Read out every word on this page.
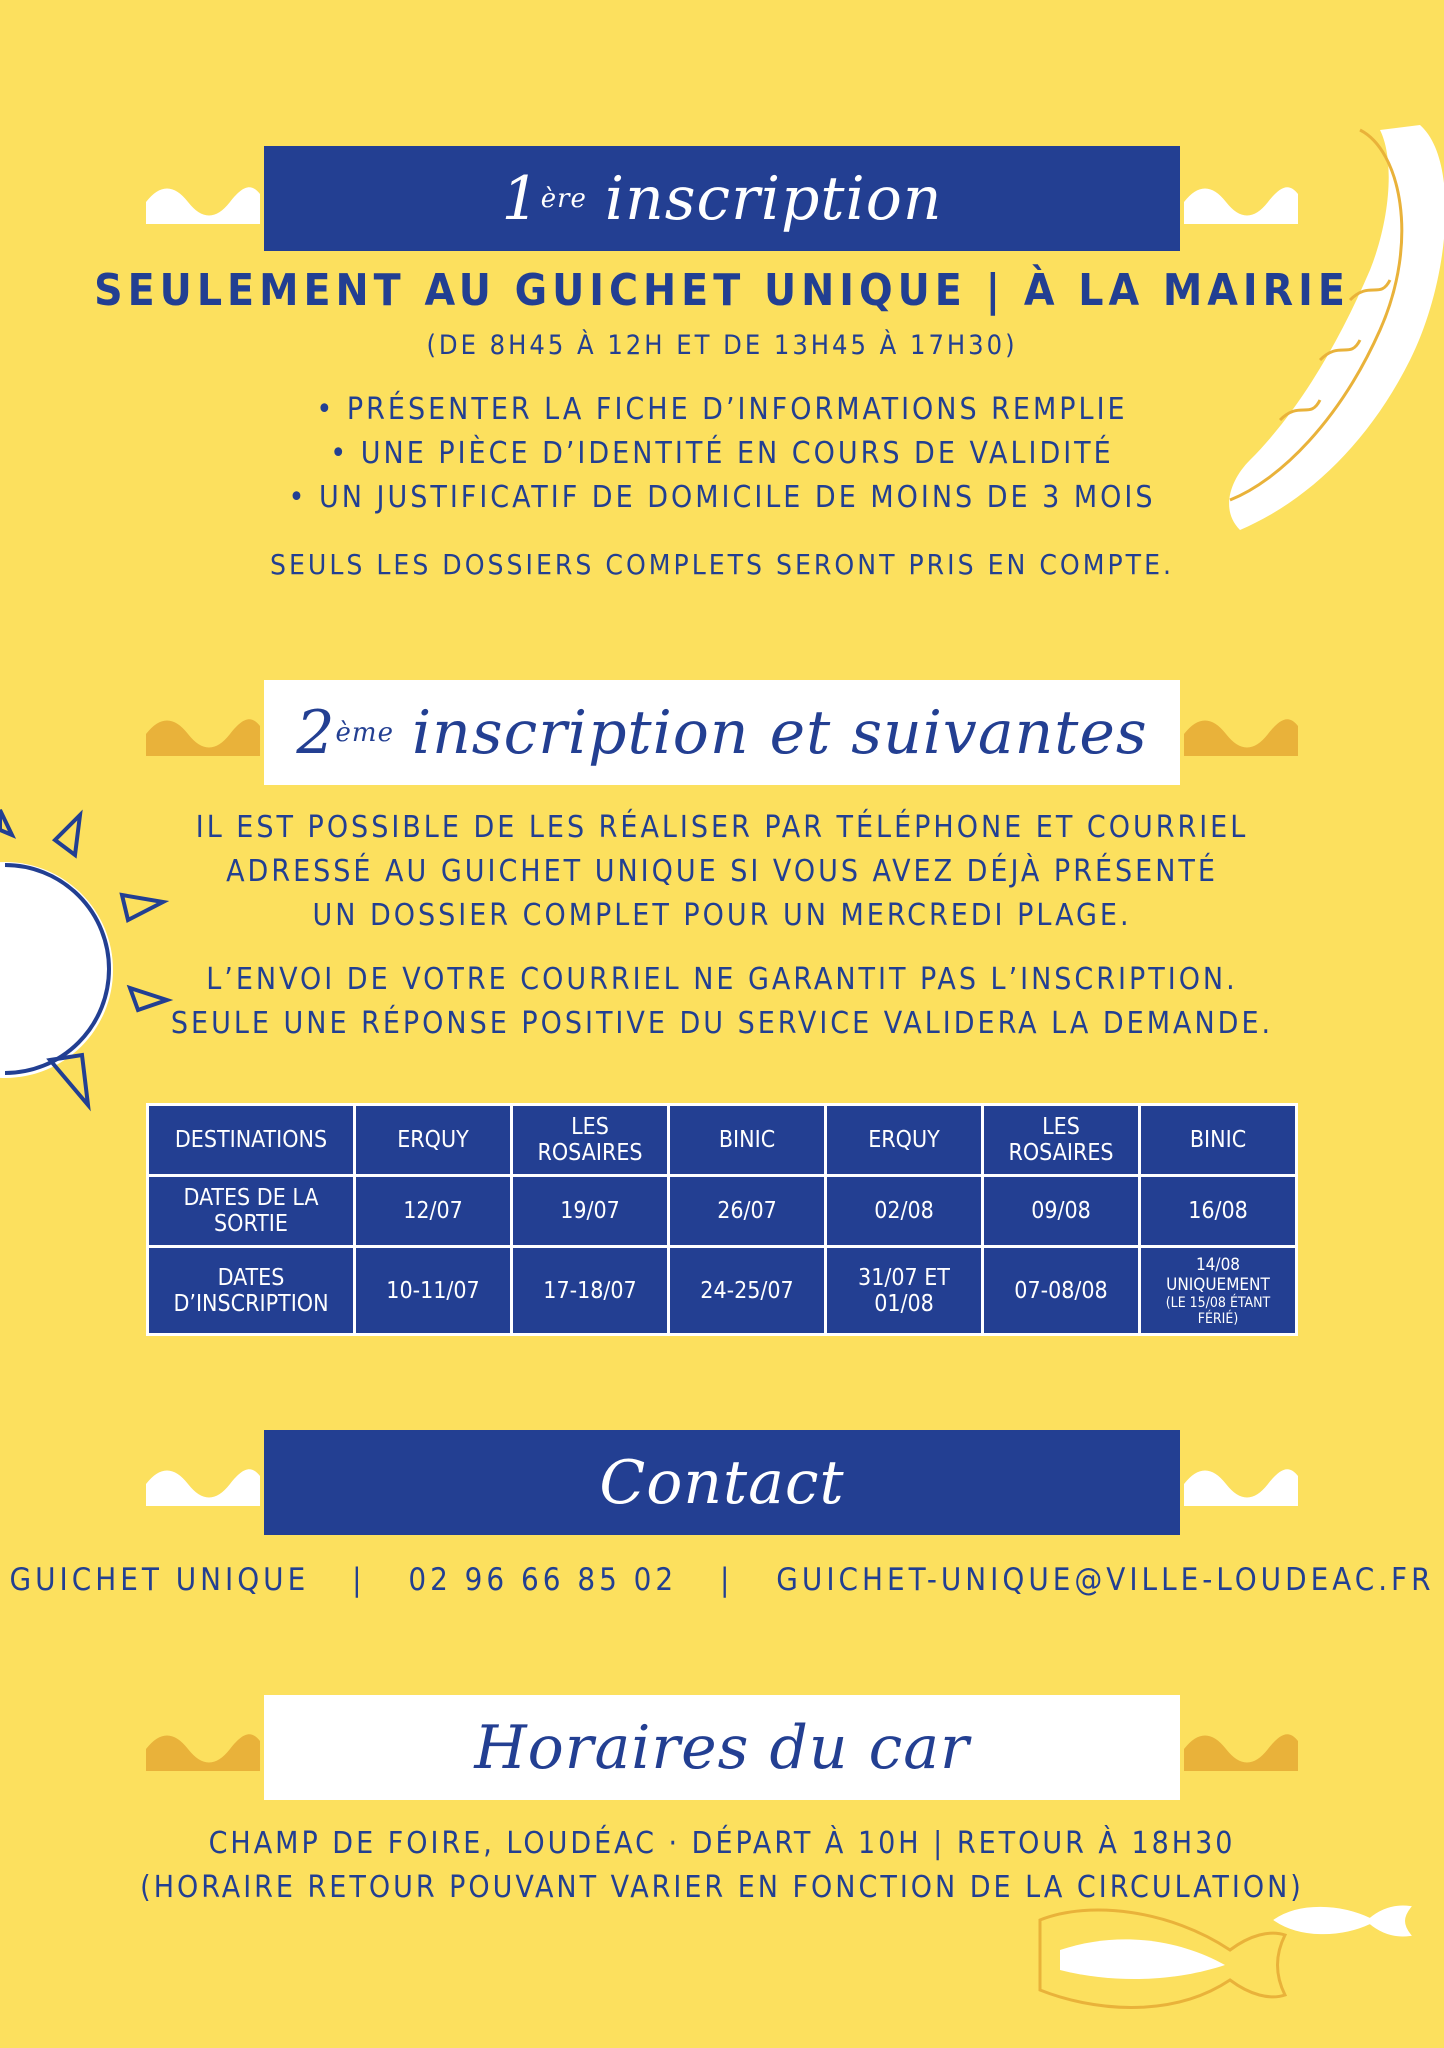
1 ère inscription
SEULEMENT AU GUICHET UNIQUE | À LA MAIRIE
(DE 8H45 À 12H ET DE 13H45 À 17H30)
• PRÉSENTER LA FICHE D’INFORMATIONS REMPLIE
• UNE PIÈCE D’IDENTITÉ EN COURS DE VALIDITÉ
• UN JUSTIFICATIF DE DOMICILE DE MOINS DE 3 MOIS
SEULS LES DOSSIERS COMPLETS SERONT PRIS EN COMPTE.
2 ème inscription et suivantes
IL EST POSSIBLE DE LES RÉALISER PAR TÉLÉPHONE ET COURRIEL
ADRESSÉ AU GUICHET UNIQUE SI VOUS AVEZ DÉJÀ PRÉSENTÉ
UN DOSSIER COMPLET POUR UN MERCREDI PLAGE.
L’ENVOI DE VOTRE COURRIEL NE GARANTIT PAS L’INSCRIPTION.
SEULE UNE RÉPONSE POSITIVE DU SERVICE VALIDERA LA DEMANDE.
DESTINATIONS	ERQUY	LES ROSAIRES	BINIC	ERQUY	LES ROSAIRES	BINIC
DATES DE LA SORTIE	12/07	19/07	26/07	02/08	09/08	16/08
DATES D’INSCRIPTION	10-11/07	17-18/07	24-25/07	31/07 ET 01/08	07-08/08	14/08 UNIQUEMENT
(LE 15/08 ÉTANT FÉRIÉ)
Contact
GUICHET UNIQUE | 02 96 66 85 02 | GUICHET-UNIQUE@VILLE-LOUDEAC.FR
Horaires du car
CHAMP DE FOIRE, LOUDÉAC · DÉPART À 10H | RETOUR À 18H30
(HORAIRE RETOUR POUVANT VARIER EN FONCTION DE LA CIRCULATION)
